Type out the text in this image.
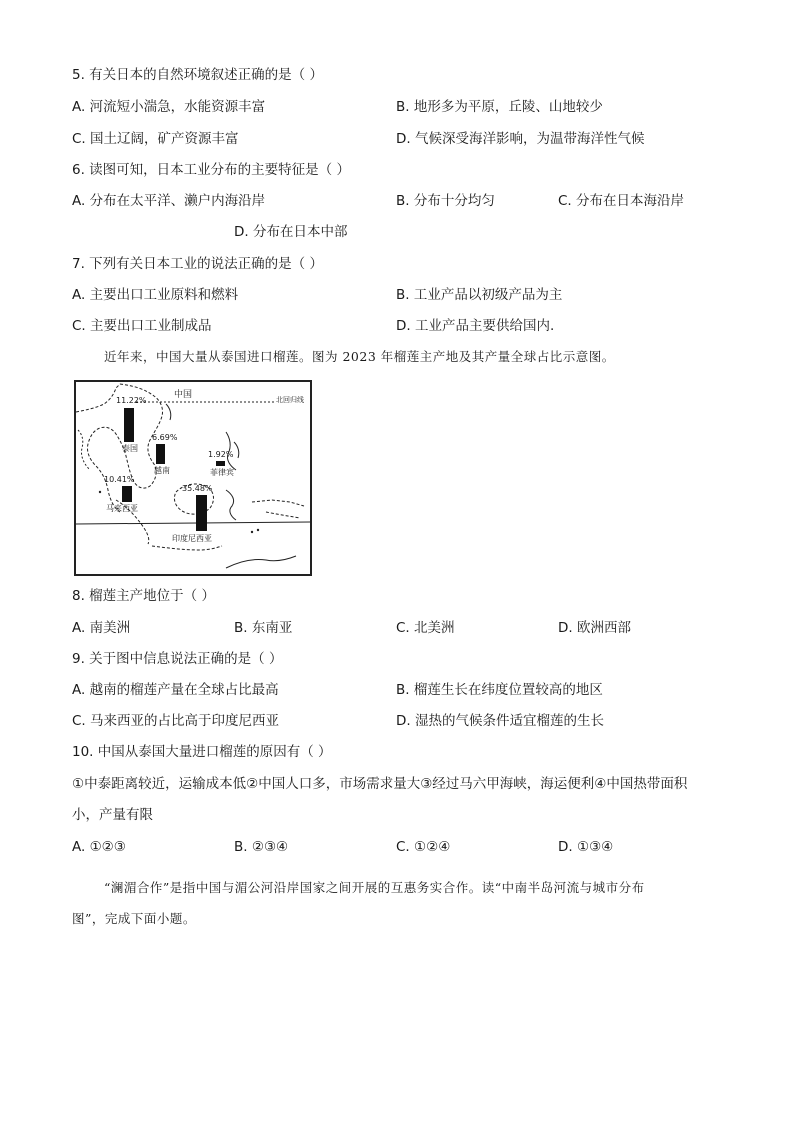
5. 有关日本的自然环境叙述正确的是（ ）
A. 河流短小湍急，水能资源丰富	B. 地形多为平原，丘陵、山地较少
C. 国土辽阔，矿产资源丰富	D. 气候深受海洋影响，为温带海洋性气候
6. 读图可知，日本工业分布的主要特征是（ ）
A. 分布在太平洋、濑户内海沿岸	B. 分布十分均匀	C. 分布在日本海沿岸
D. 分布在日本中部
7. 下列有关日本工业的说法正确的是（ ）
A. 主要出口工业原料和燃料	B. 工业产品以初级产品为主
C. 主要出口工业制成品	D. 工业产品主要供给国内.
近年来，中国大量从泰国进口榴莲。图为 2023 年榴莲主产地及其产量全球占比示意图。
中国	北回归线
11.22%
泰国
6.69%
越南
1.92%
菲律宾
10.41%
马来西亚
35.48%
印度尼西亚
8. 榴莲主产地位于（ ）
A. 南美洲	B. 东南亚	C. 北美洲	D. 欧洲西部
9. 关于图中信息说法正确的是（ ）
A. 越南的榴莲产量在全球占比最高	B. 榴莲生长在纬度位置较高的地区
C. 马来西亚的占比高于印度尼西亚	D. 湿热的气候条件适宜榴莲的生长
10. 中国从泰国大量进口榴莲的原因有（ ）
①中泰距离较近，运输成本低②中国人口多，市场需求量大③经过马六甲海峡，海运便利④中国热带面积
小，产量有限
A. ①②③	B. ②③④	C. ①②④	D. ①③④
“澜湄合作”是指中国与湄公河沿岸国家之间开展的互惠务实合作。读“中南半岛河流与城市分布
图”，完成下面小题。
